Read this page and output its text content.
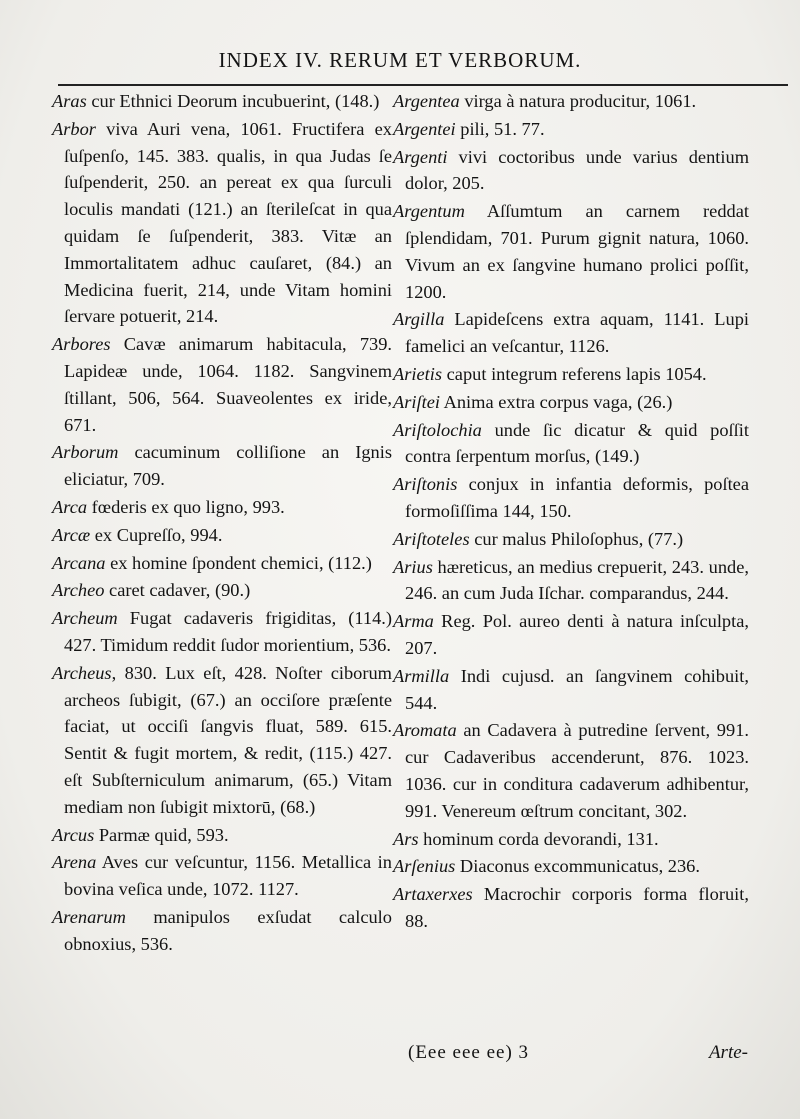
INDEX IV. RERUM ET VERBORUM.

Aras cur Ethnici Deorum incubuerint, (148.)

Arbor viva Auri vena, 1061. Fructifera ex ſuſpenſo, 145. 383. qualis, in qua Judas ſe ſuſpenderit, 250. an pereat ex qua ſurculi loculis mandati (121.) an ſterileſcat in qua quidam ſe ſuſpenderit, 383. Vitæ an Immortalitatem adhuc cauſaret, (84.) an Medicina fuerit, 214, unde Vitam homini ſervare potuerit, 214.

Arbores Cavæ animarum habitacula, 739. Lapideæ unde, 1064. 1182. Sangvinem ſtillant, 506, 564. Suaveolentes ex iride, 671.

Arborum cacuminum colliſione an Ignis eliciatur, 709.

Arca fœderis ex quo ligno, 993.

Arcæ ex Cupreſſo, 994.

Arcana ex homine ſpondent chemici, (112.)

Archeo caret cadaver, (90.)

Archeum Fugat cadaveris frigiditas, (114.) 427. Timidum reddit ſudor morientium, 536.

Archeus, 830. Lux eſt, 428. Noſter ciborum archeos ſubigit, (67.) an occiſore præſente faciat, ut occiſi ſangvis fluat, 589. 615. Sentit & fugit mortem, & redit, (115.) 427. eſt Subſterniculum animarum, (65.) Vitam mediam non ſubigit mixtorū, (68.)

Arcus Parmæ quid, 593.

Arena Aves cur veſcuntur, 1156. Metallica in bovina veſica unde, 1072. 1127.

Arenarum manipulos exſudat calculo obnoxius, 536.

Argentea virga à natura producitur, 1061.

Argentei pili, 51. 77.

Argenti vivi coctoribus unde varius dentium dolor, 205.

Argentum Aſſumtum an carnem reddat ſplendidam, 701. Purum gignit natura, 1060. Vivum an ex ſangvine humano prolici poſſit, 1200.

Argilla Lapideſcens extra aquam, 1141. Lupi famelici an veſcantur, 1126.

Arietis caput integrum referens lapis 1054.

Ariſtei Anima extra corpus vaga, (26.)

Ariſtolochia unde ſic dicatur & quid poſſit contra ſerpentum morſus, (149.)

Ariſtonis conjux in infantia deformis, poſtea formoſiſſima 144, 150.

Ariſtoteles cur malus Philoſophus, (77.)

Arius hæreticus, an medius crepuerit, 243. unde, 246. an cum Juda Iſchar. comparandus, 244.

Arma Reg. Pol. aureo denti à natura inſculpta, 207.

Armilla Indi cujusd. an ſangvinem cohibuit, 544.

Aromata an Cadavera à putredine ſervent, 991. cur Cadaveribus accenderunt, 876. 1023. 1036. cur in conditura cadaverum adhibentur, 991. Venereum œſtrum concitant, 302.

Ars hominum corda devorandi, 131.

Arſenius Diaconus excommunicatus, 236.

Artaxerxes Macrochir corporis forma floruit, 88.

(Eee eee ee) 3	Arte-
